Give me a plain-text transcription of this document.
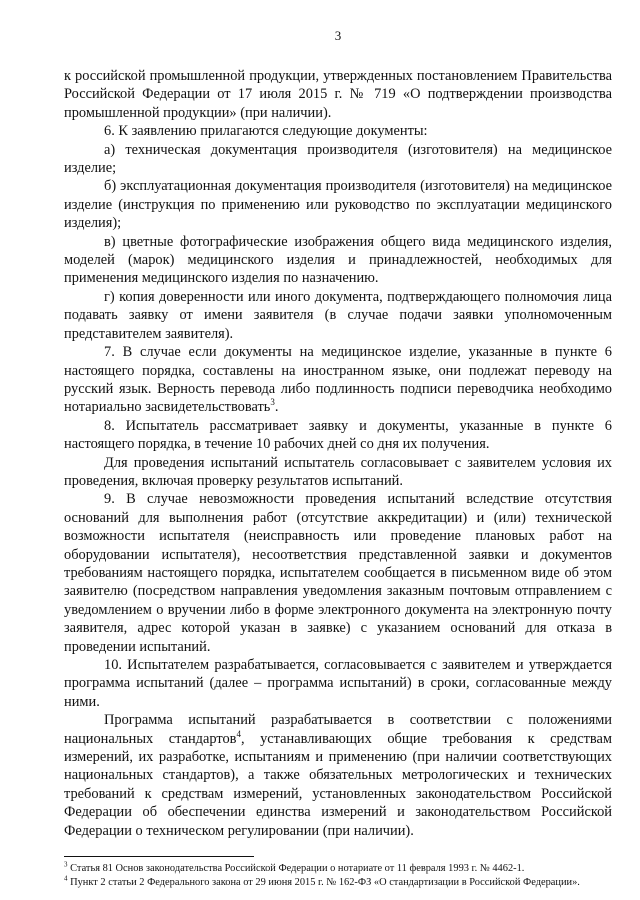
3

к российской промышленной продукции, утвержденных постановлением Правительства Российской Федерации от 17 июля 2015 г. № 719 «О подтверждении производства промышленной продукции» (при наличии).

6. К заявлению прилагаются следующие документы:

а) техническая документация производителя (изготовителя) на медицинское изделие;

б) эксплуатационная документация производителя (изготовителя) на медицинское изделие (инструкция по применению или руководство по эксплуатации медицинского изделия);

в) цветные фотографические изображения общего вида медицинского изделия, моделей (марок) медицинского изделия и принадлежностей, необходимых для применения медицинского изделия по назначению.

г) копия доверенности или иного документа, подтверждающего полномочия лица подавать заявку от имени заявителя (в случае подачи заявки уполномоченным представителем заявителя).

7. В случае если документы на медицинское изделие, указанные в пункте 6 настоящего порядка, составлены на иностранном языке, они подлежат переводу на русский язык. Верность перевода либо подлинность подписи переводчика необходимо нотариально засвидетельствовать$^3$.

8. Испытатель рассматривает заявку и документы, указанные в пункте 6 настоящего порядка, в течение 10 рабочих дней со дня их получения.

Для проведения испытаний испытатель согласовывает с заявителем условия их проведения, включая проверку результатов испытаний.

9. В случае невозможности проведения испытаний вследствие отсутствия оснований для выполнения работ (отсутствие аккредитации) и (или) технической возможности испытателя (неисправность или проведение плановых работ на оборудовании испытателя), несоответствия представленной заявки и документов требованиям настоящего порядка, испытателем сообщается в письменном виде об этом заявителю (посредством направления уведомления заказным почтовым отправлением с уведомлением о вручении либо в форме электронного документа на электронную почту заявителя, адрес которой указан в заявке) с указанием оснований для отказа в проведении испытаний.

10. Испытателем разрабатывается, согласовывается с заявителем и утверждается программа испытаний (далее – программа испытаний) в сроки, согласованные между ними.

Программа испытаний разрабатывается в соответствии с положениями национальных стандартов$^4$, устанавливающих общие требования к средствам измерений, их разработке, испытаниям и применению (при наличии соответствующих национальных стандартов), а также обязательных метрологических и технических требований к средствам измерений, установленных законодательством Российской Федерации об обеспечении единства измерений и законодательством Российской Федерации о техническом регулировании (при наличии).

$^3$ Статья 81 Основ законодательства Российской Федерации о нотариате от 11 февраля 1993 г. № 4462-1.

$^4$ Пункт 2 статьи 2 Федерального закона от 29 июня 2015 г. № 162-ФЗ «О стандартизации в Российской Федерации».
